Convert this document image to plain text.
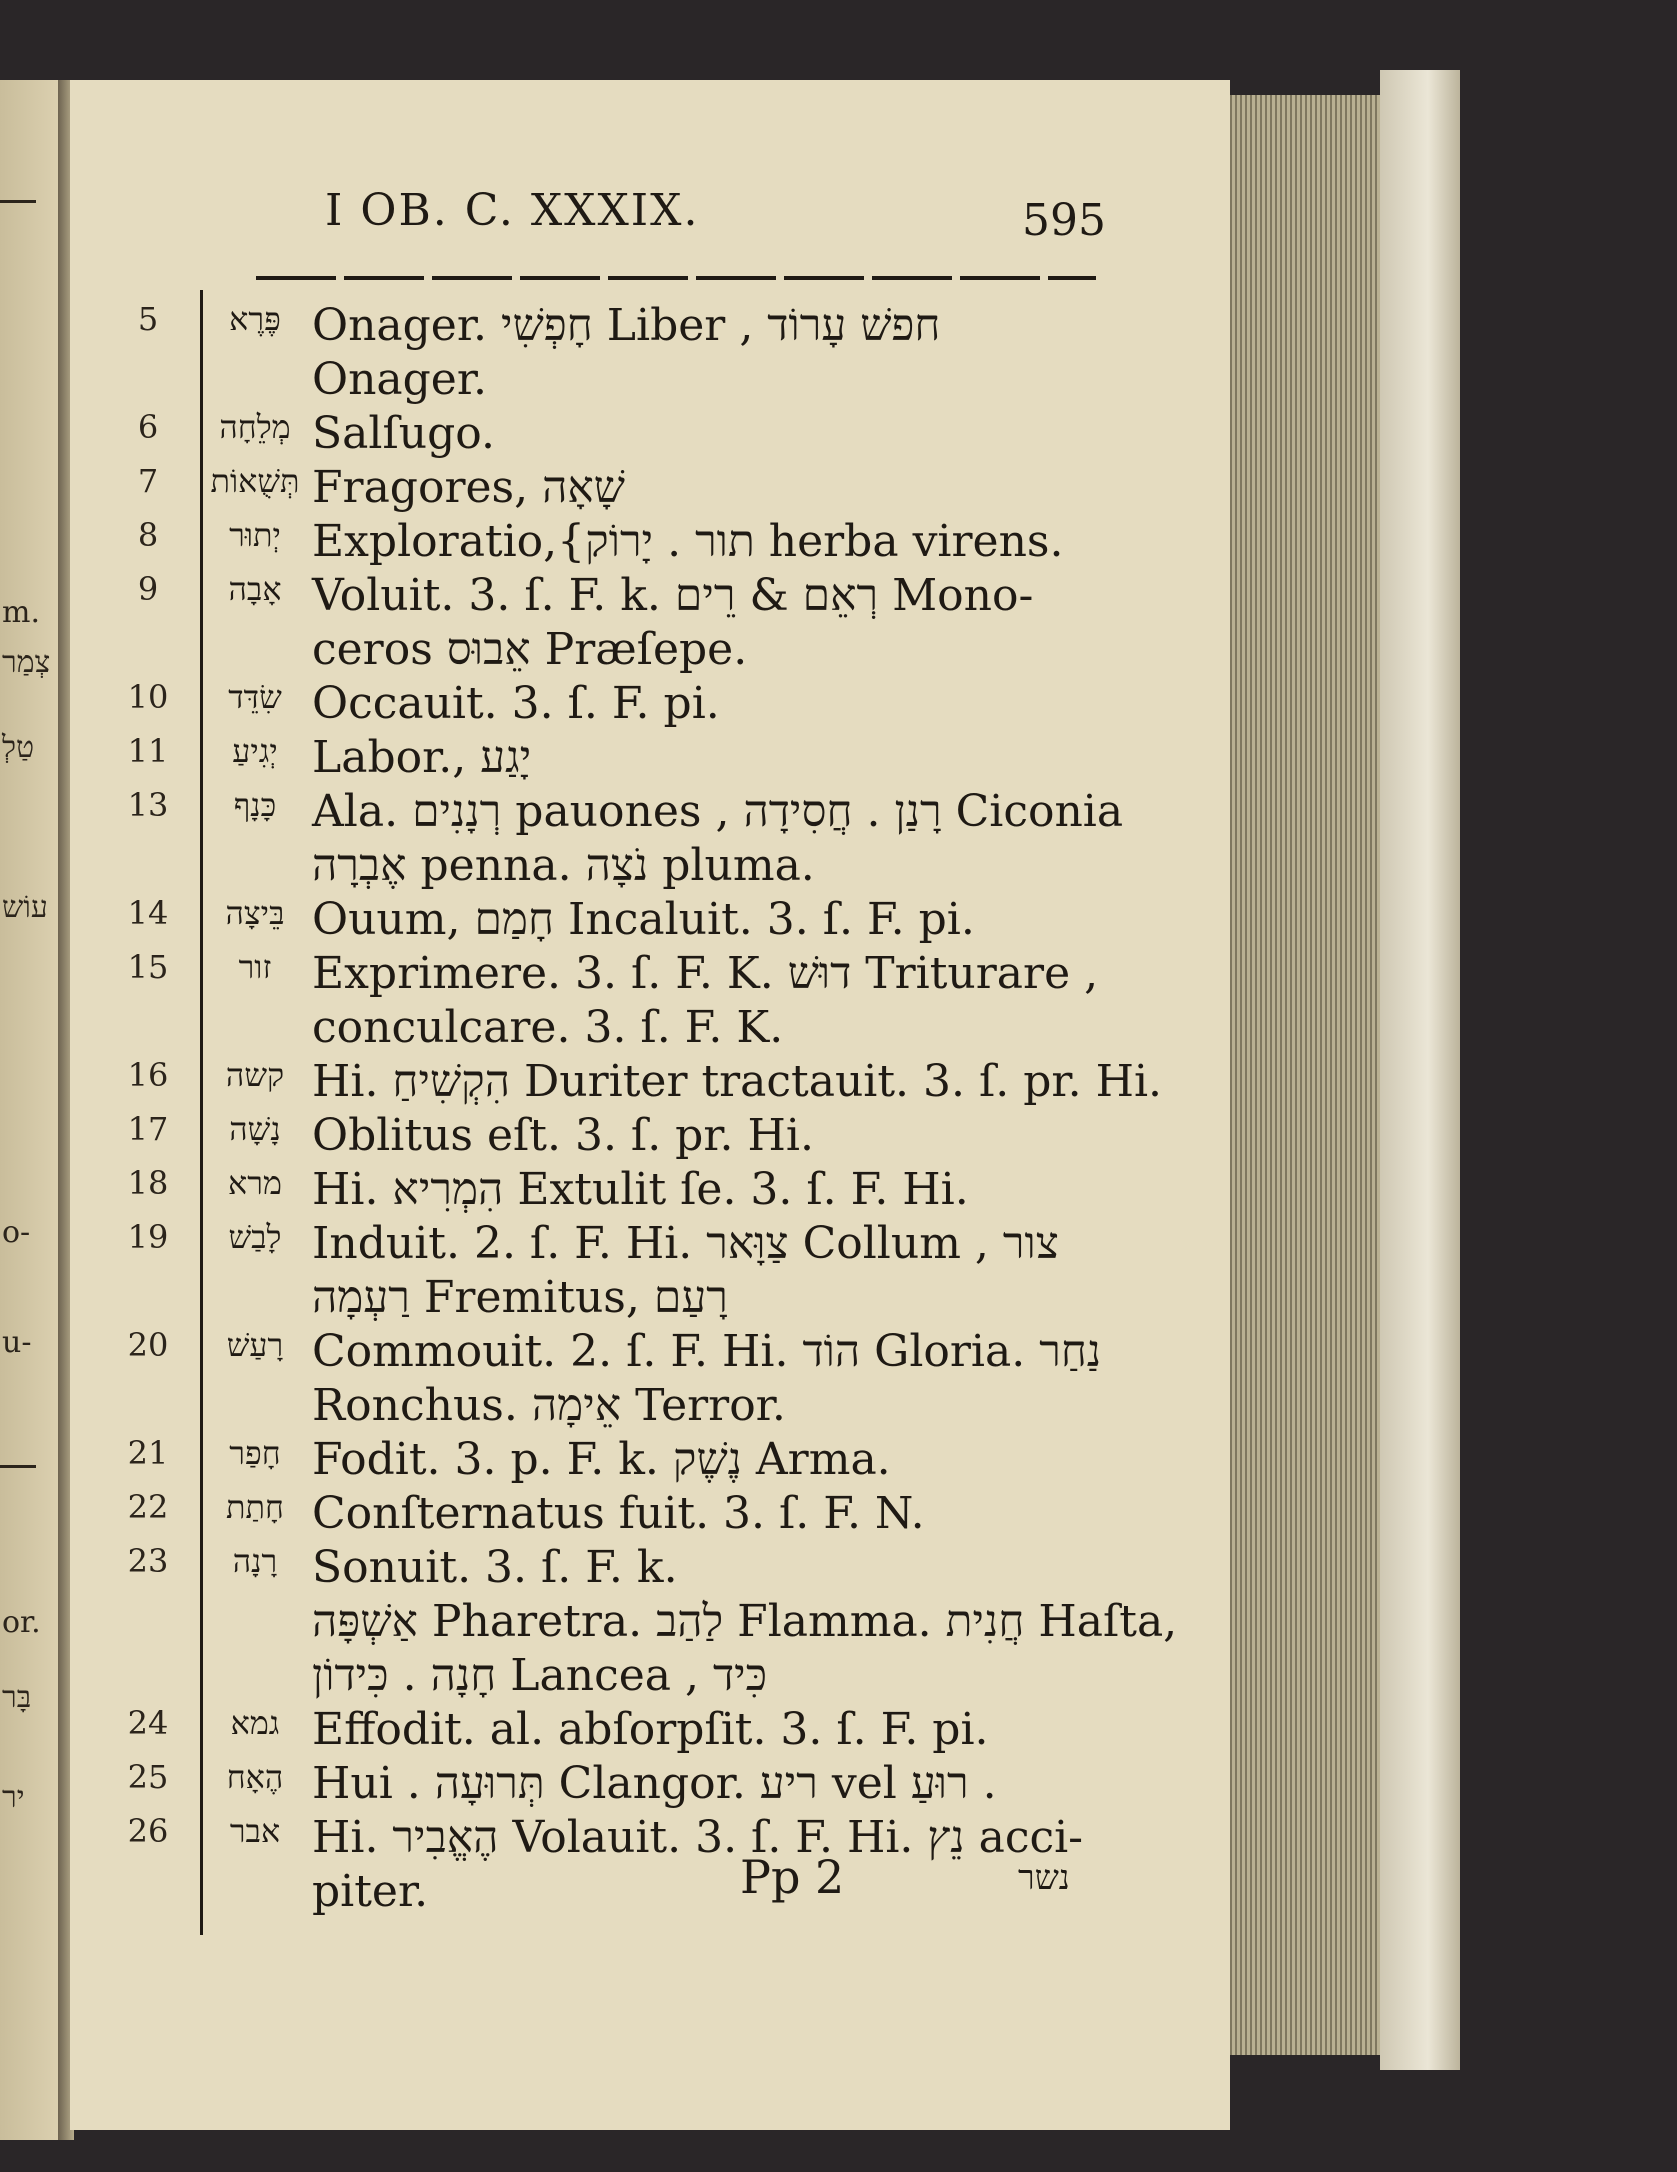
m.
צְמַר
טַלְ
עוֹש
o-
u-
or.
בָּר
יר
I OB. C. XXXIX.	595
5	פֶּרֶא Onager. חָפְשִׁי Liber , חפשׁ עָרוֹד
Onager.
6	מְלֵחָה Salſugo.
7	תְּשֻׁאוֹת Fragores, שָׁאָה
8	יְתוּר Exploratio,{תור . יָרוֹק herba virens.
9	אָבָה Voluit. 3. ſ. F. k. רְאֵם & רֵים Mono-
ceros אֵבוּס Præſepe.
10	שִׂדֵּד Occauit. 3. ſ. F. pi.
11	יְגִיעַ Labor., יָגַע
13	כָּנָף Ala. רְנָנִים pauones , רָנַן . חֲסִידָה Ciconia
אֶבְרָה penna. נֹצָה pluma.
14	בֵּיצָה Ouum, חָמַם Incaluit. 3. ſ. F. pi.
15	זור Exprimere. 3. ſ. F. K. דוּשׁ Triturare ,
conculcare. 3. ſ. F. K.
16	קשה Hi. הִקְשִׁיחַ Duriter tractauit. 3. ſ. pr. Hi.
17	נָשָׁה Oblitus eſt. 3. ſ. pr. Hi.
18	מרא Hi. הִמְרִיא Extulit ſe. 3. ſ. F. Hi.
19	לָבַשׁ Induit. 2. ſ. F. Hi. צַוָּאר Collum , צור
רַעְמָה Fremitus, רָעַם
20	רָעַשׁ Commouit. 2. ſ. F. Hi. הוֹד Gloria. נַחַר
Ronchus. אֵימָה Terror.
21	חָפַר Fodit. 3. p. F. k. נֶשֶׁק Arma.
22	חָתַת Conſternatus fuit. 3. ſ. F. N.
23	רָנָה Sonuit. 3. ſ. F. k.
אַשְׁפָּה Pharetra. לַהַב Flamma. חֲנִית Haſta,
חָנָה . כִּידוֹן Lancea , כִּיד
24	גמא Effodit. al. abſorpſit. 3. ſ. F. pi.
25	הֶאָח Hui . תְּרוּעָה Clangor. ריע vel רוּעַ .
26	אבר Hi. הֶאֱבִיר Volauit. 3. ſ. F. Hi. נֵץ acci-
piter.	Pp 2	נשר
